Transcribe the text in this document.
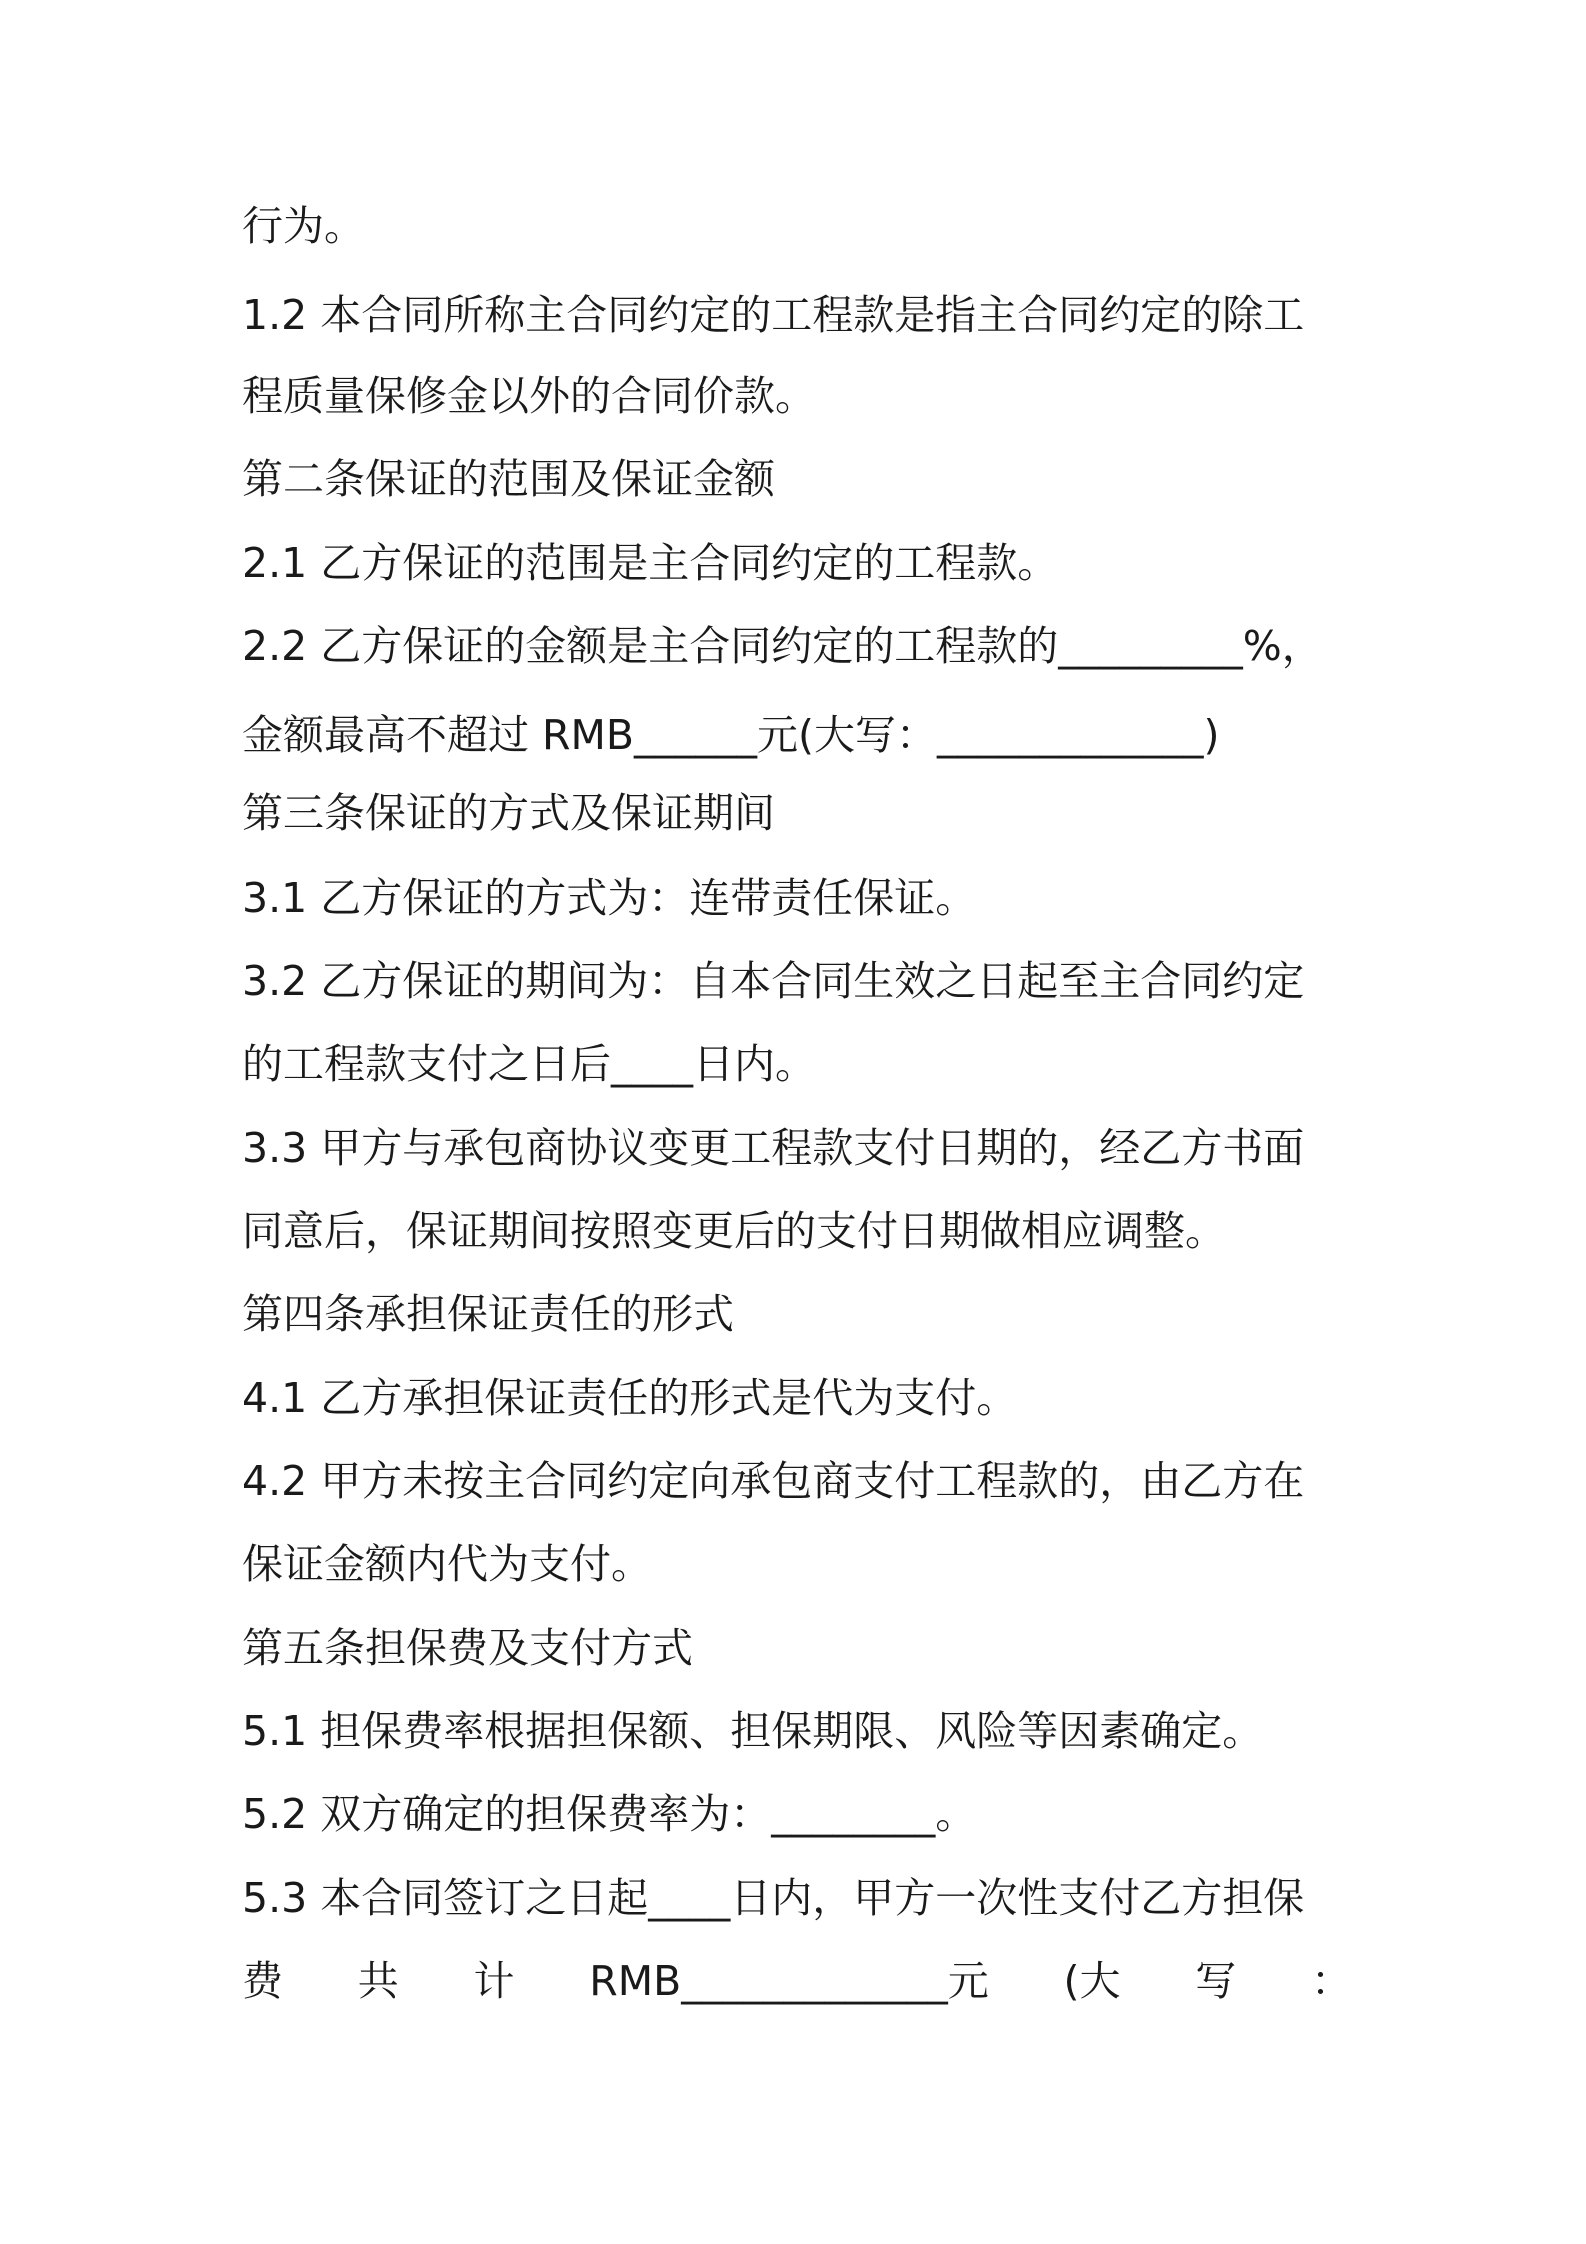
行为。
1.2 本合同所称主合同约定的工程款是指主合同约定的除工
程质量保修金以外的合同价款。
第二条保证的范围及保证金额
2.1 乙方保证的范围是主合同约定的工程款。
2.2 乙方保证的金额是主合同约定的工程款的_________%，
金额最高不超过 RMB______元(大写：_____________)
第三条保证的方式及保证期间
3.1 乙方保证的方式为：连带责任保证。
3.2 乙方保证的期间为：自本合同生效之日起至主合同约定
的工程款支付之日后____日内。
3.3 甲方与承包商协议变更工程款支付日期的，经乙方书面
同意后，保证期间按照变更后的支付日期做相应调整。
第四条承担保证责任的形式
4.1 乙方承担保证责任的形式是代为支付。
4.2 甲方未按主合同约定向承包商支付工程款的，由乙方在
保证金额内代为支付。
第五条担保费及支付方式
5.1 担保费率根据担保额、担保期限、风险等因素确定。
5.2 双方确定的担保费率为：________。
5.3 本合同签订之日起____日内，甲方一次性支付乙方担保
费 共 计 RMB_____________元 (大 写 ：
